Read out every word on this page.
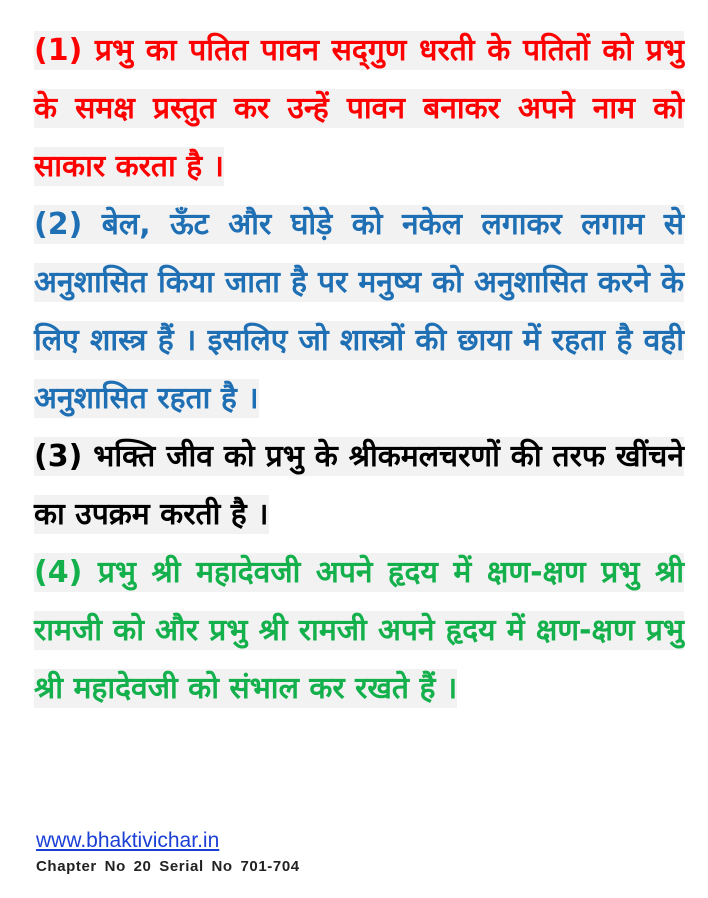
(1) प्रभु का पतित पावन सद्‌गुण धरती के पतितों को प्रभु के समक्ष प्रस्तुत कर उन्हें पावन बनाकर अपने नाम को साकार करता है ।

(2) बेल, ऊँट और घोड़े को नकेल लगाकर लगाम से अनुशासित किया जाता है पर मनुष्य को अनुशासित करने के लिए शास्त्र हैं । इसलिए जो शास्त्रों की छाया में रहता है वही अनुशासित रहता है ।

(3) भक्ति जीव को प्रभु के श्रीकमलचरणों की तरफ खींचने का उपक्रम करती है ।

(4) प्रभु श्री महादेवजी अपने हृदय में क्षण-क्षण प्रभु श्री रामजी को और प्रभु श्री रामजी अपने हृदय में क्षण-क्षण प्रभु श्री महादेवजी को संभाल कर रखते हैं ।

www.bhaktivichar.in
Chapter No 20 Serial No 701-704
